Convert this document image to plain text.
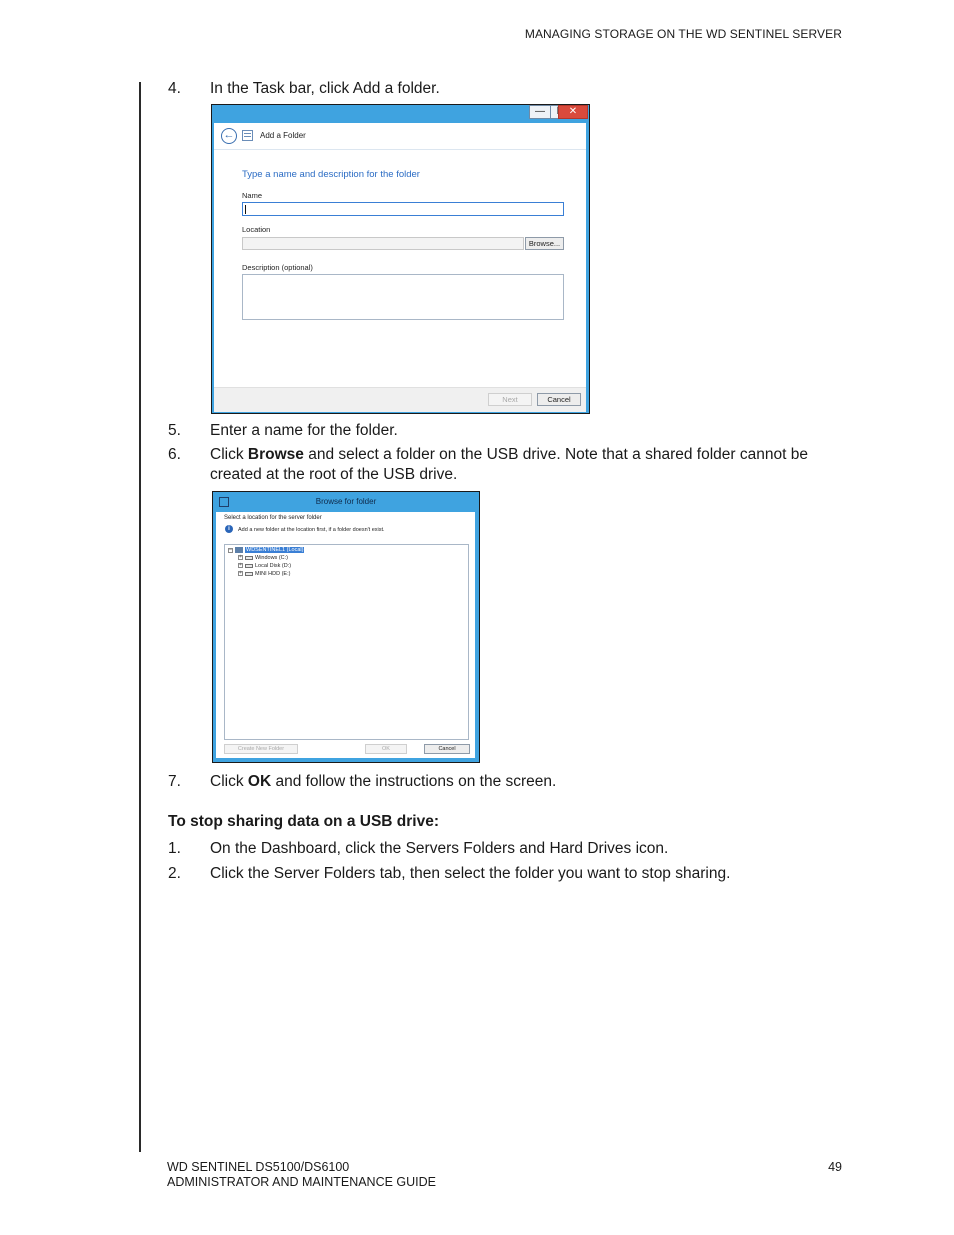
MANAGING STORAGE ON THE WD SENTINEL SERVER
4. In the Task bar, click Add a folder.
—	✕
←	Add a Folder
Type a name and description for the folder
Name
Location
Browse...
Description (optional)
Next	Cancel
5. Enter a name for the folder.
6. Click Browse and select a folder on the USB drive. Note that a shared folder cannot be created at the root of the USB drive.
Browse for folder
Select a location for the server folder
i	Add a new folder at the location first, if a folder doesn't exist.
–	WDSENTINEL1 (Local)
+ Windows (C:)
+ Local Disk (D:)
+ MINI HDD (E:)
Create New Folder	OK	Cancel
7. Click OK and follow the instructions on the screen.
To stop sharing data on a USB drive:
1. On the Dashboard, click the Servers Folders and Hard Drives icon.
2. Click the Server Folders tab, then select the folder you want to stop sharing.
WD SENTINEL DS5100/DS6100
ADMINISTRATOR AND MAINTENANCE GUIDE
49
